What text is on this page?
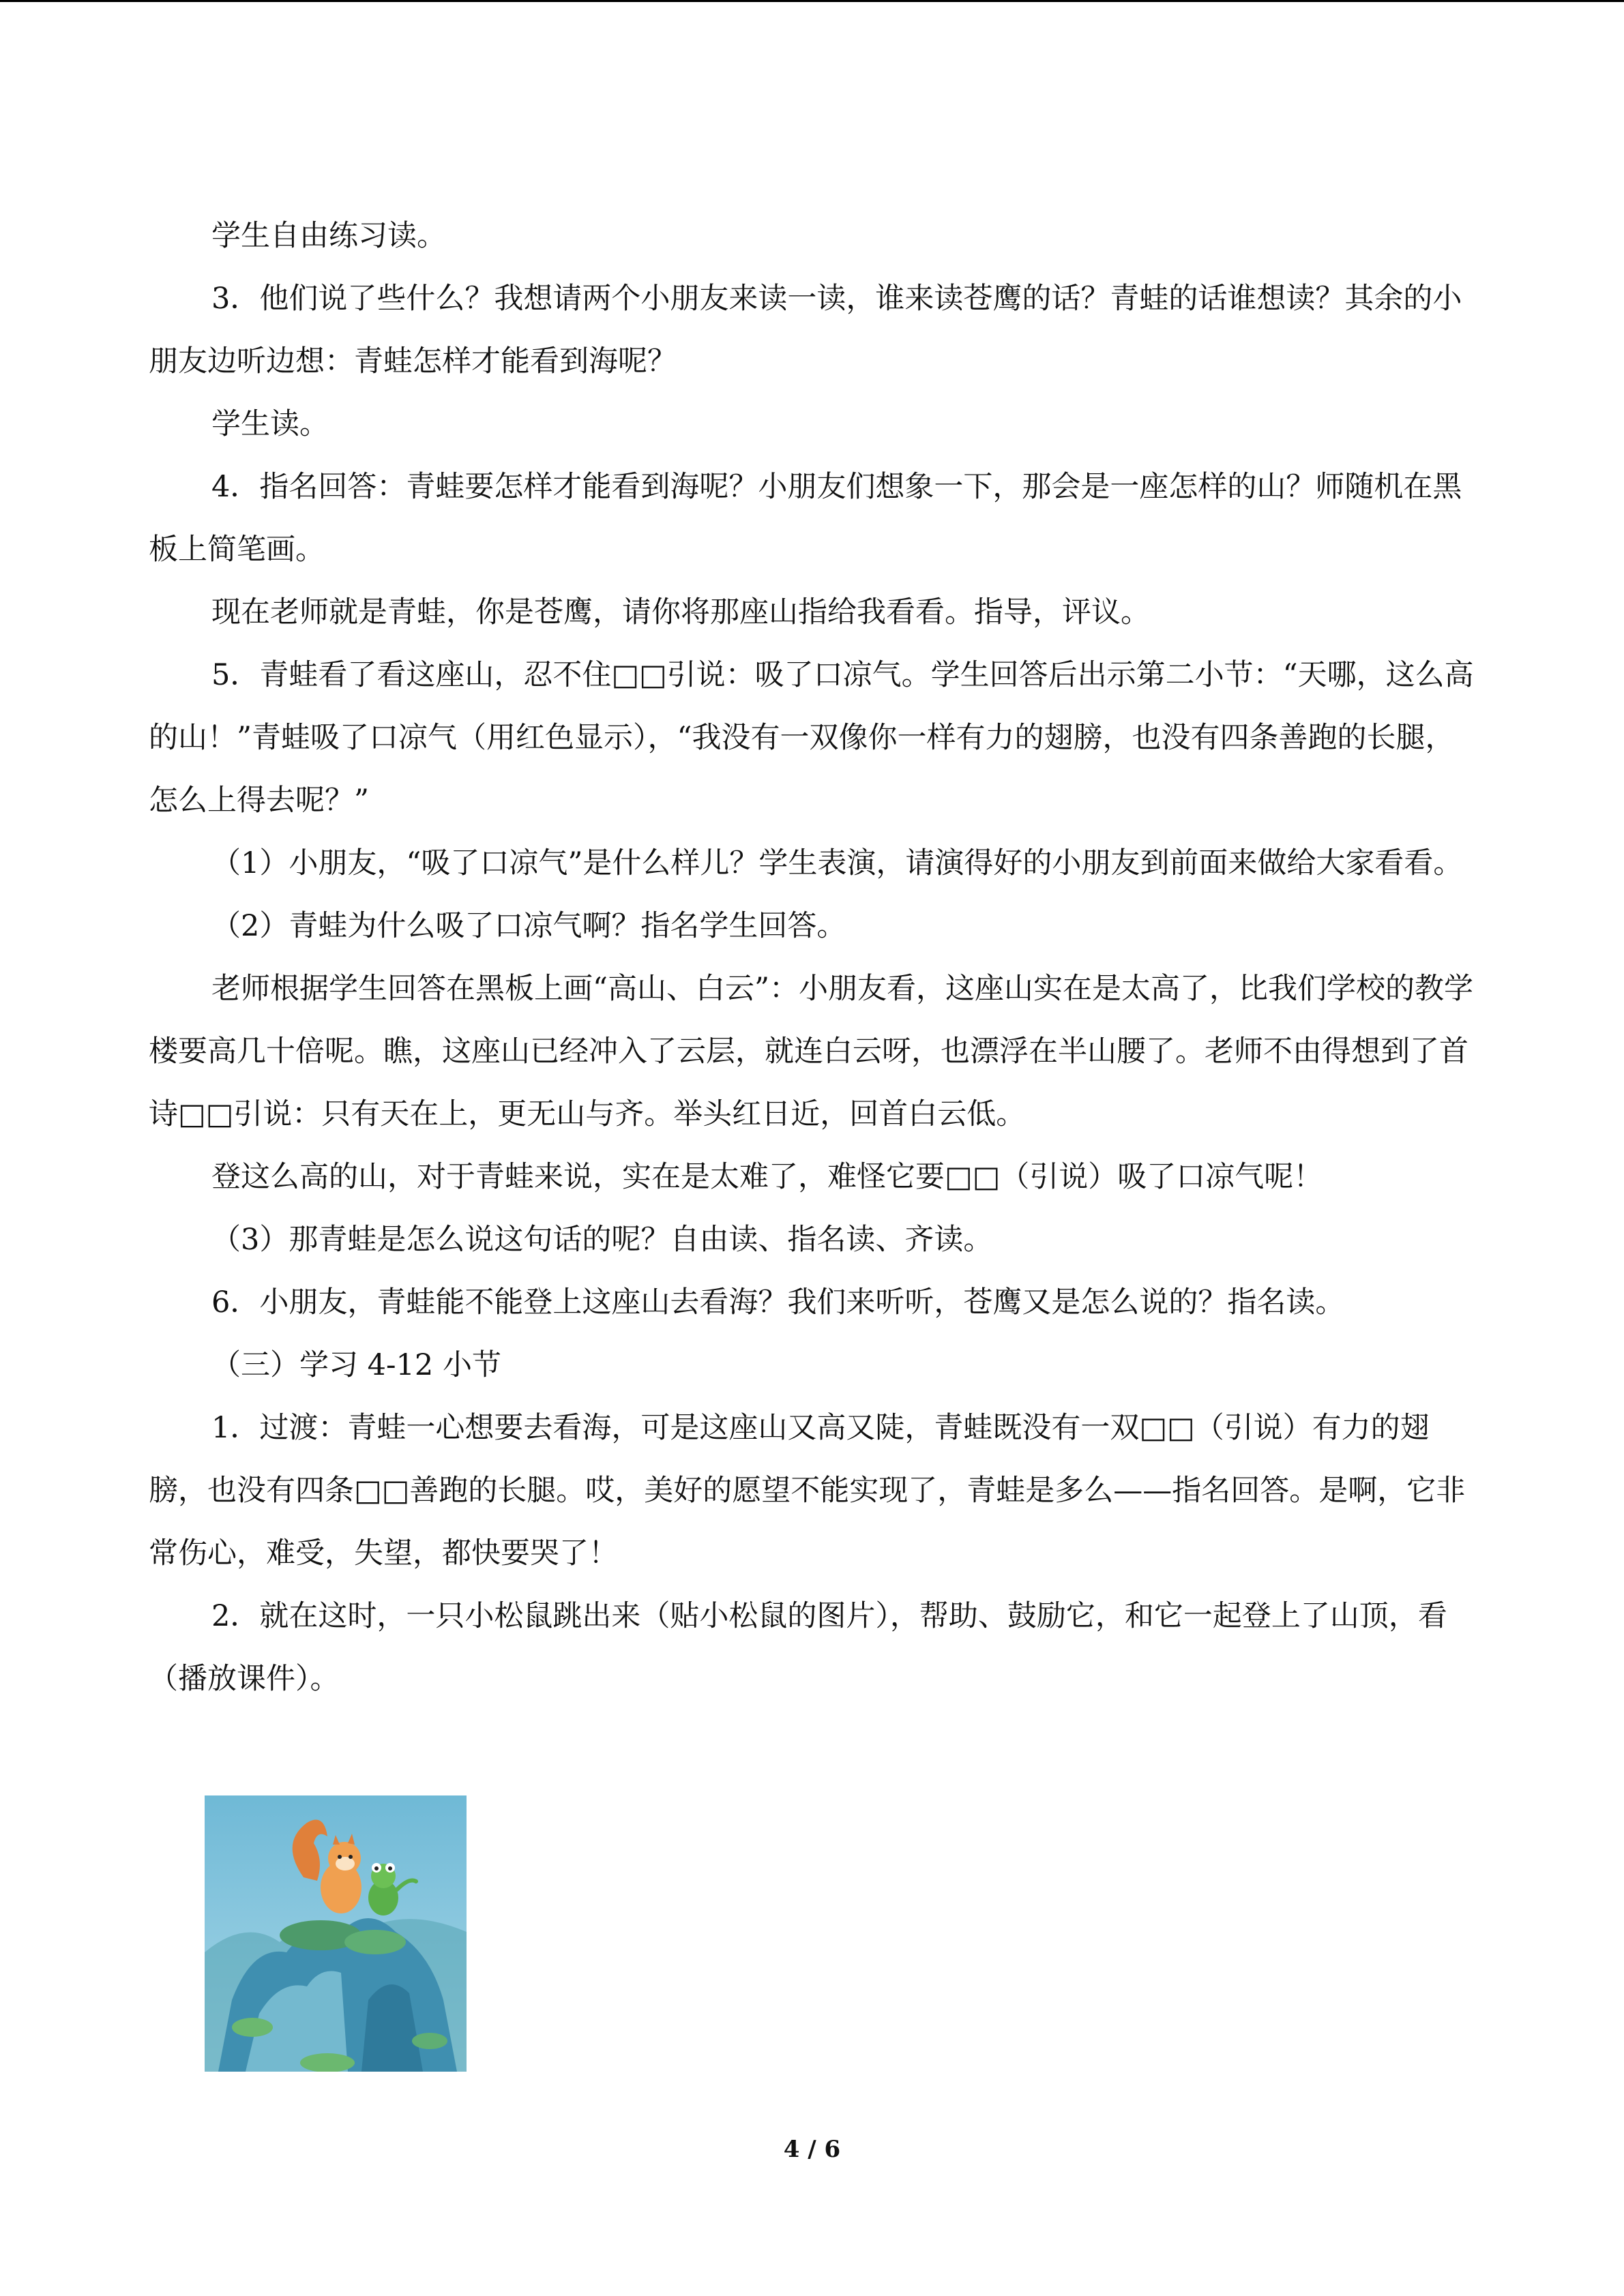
学生自由练习读。

3．他们说了些什么？我想请两个小朋友来读一读，谁来读苍鹰的话？青蛙的话谁想读？其余的小朋友边听边想：青蛙怎样才能看到海呢？

学生读。

4．指名回答：青蛙要怎样才能看到海呢？小朋友们想象一下，那会是一座怎样的山？师随机在黑板上简笔画。

现在老师就是青蛙，你是苍鹰，请你将那座山指给我看看。指导，评议。

5．青蛙看了看这座山，忍不住□□引说：吸了口凉气。学生回答后出示第二小节：“天哪，这么高的山！”青蛙吸了口凉气（用红色显示），“我没有一双像你一样有力的翅膀，也没有四条善跑的长腿，怎么上得去呢？”

（1）小朋友，“吸了口凉气”是什么样儿？学生表演，请演得好的小朋友到前面来做给大家看看。

（2）青蛙为什么吸了口凉气啊？指名学生回答。

老师根据学生回答在黑板上画“高山、白云”：小朋友看，这座山实在是太高了，比我们学校的教学楼要高几十倍呢。瞧，这座山已经冲入了云层，就连白云呀，也漂浮在半山腰了。老师不由得想到了首诗□□引说：只有天在上，更无山与齐。举头红日近，回首白云低。

登这么高的山，对于青蛙来说，实在是太难了，难怪它要□□（引说）吸了口凉气呢！

（3）那青蛙是怎么说这句话的呢？自由读、指名读、齐读。

6．小朋友，青蛙能不能登上这座山去看海？我们来听听，苍鹰又是怎么说的？指名读。

（三）学习 4-12 小节

1．过渡：青蛙一心想要去看海，可是这座山又高又陡，青蛙既没有一双□□（引说）有力的翅膀，也没有四条□□善跑的长腿。哎，美好的愿望不能实现了，青蛙是多么——指名回答。是啊，它非常伤心，难受，失望，都快要哭了！

2．就在这时，一只小松鼠跳出来（贴小松鼠的图片），帮助、鼓励它，和它一起登上了山顶，看（播放课件）。

4 / 6
